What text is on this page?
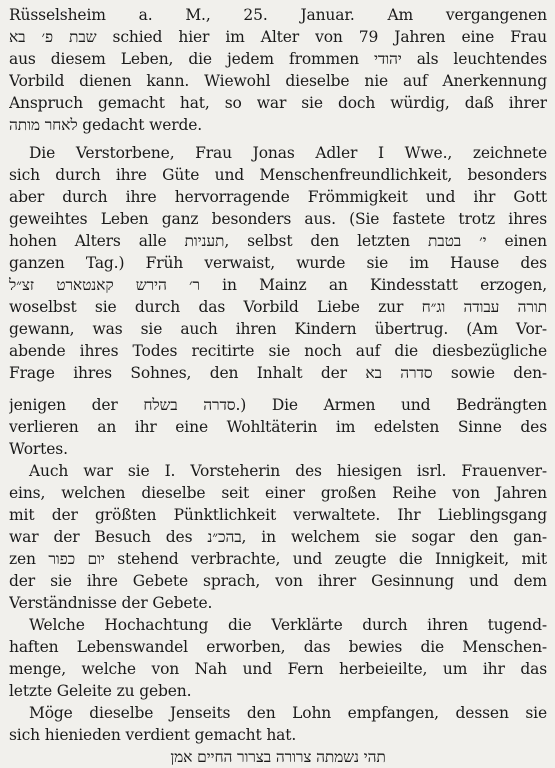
Rüsselsheim a. M., 25. Januar. Am vergangenen
שבת פ׳ בא schied hier im Alter von 79 Jahren eine Frau
aus diesem Leben, die jedem frommen יהודי als leuchtendes
Vorbild dienen kann. Wiewohl dieselbe nie auf Anerkennung
Anspruch gemacht hat, so war sie doch würdig, daß ihrer
לאחר מותה gedacht werde.
Die Verstorbene, Frau Jonas Adler I Wwe., zeichnete
sich durch ihre Güte und Menschenfreundlichkeit, besonders
aber durch ihre hervorragende Frömmigkeit und ihr Gott
geweihtes Leben ganz besonders aus. (Sie fastete trotz ihres
hohen Alters alle תעניות, selbst den letzten י׳ בטבת einen
ganzen Tag.) Früh verwaist, wurde sie im Hause des
ר׳ הירש קאנטארט זצ״ל in Mainz an Kindesstatt erzogen,
woselbst sie durch das Vorbild Liebe zur תורה עבודה וג״ח
gewann, was sie auch ihren Kindern übertrug. (Am Vor-
abende ihres Todes recitirte sie noch auf die diesbezügliche
Frage ihres Sohnes, den Inhalt der סדרה בא sowie den-
jenigen der סדרה בשלח.) Die Armen und Bedrängten
verlieren an ihr eine Wohltäterin im edelsten Sinne des
Wortes.
Auch war sie I. Vorsteherin des hiesigen isrl. Frauenver-
eins, welchen dieselbe seit einer großen Reihe von Jahren
mit der größten Pünktlichkeit verwaltete. Ihr Lieblingsgang
war der Besuch des בהכ״נ, in welchem sie sogar den gan-
zen יום כפור stehend verbrachte, und zeugte die Innigkeit, mit
der sie ihre Gebete sprach, von ihrer Gesinnung und dem
Verständnisse der Gebete.
Welche Hochachtung die Verklärte durch ihren tugend-
haften Lebenswandel erworben, das bewies die Menschen-
menge, welche von Nah und Fern herbeieilte, um ihr das
letzte Geleite zu geben.
Möge dieselbe Jenseits den Lohn empfangen, dessen sie
sich hienieden verdient gemacht hat.
תהי נשמתה צרורה בצרור החיים אמן
